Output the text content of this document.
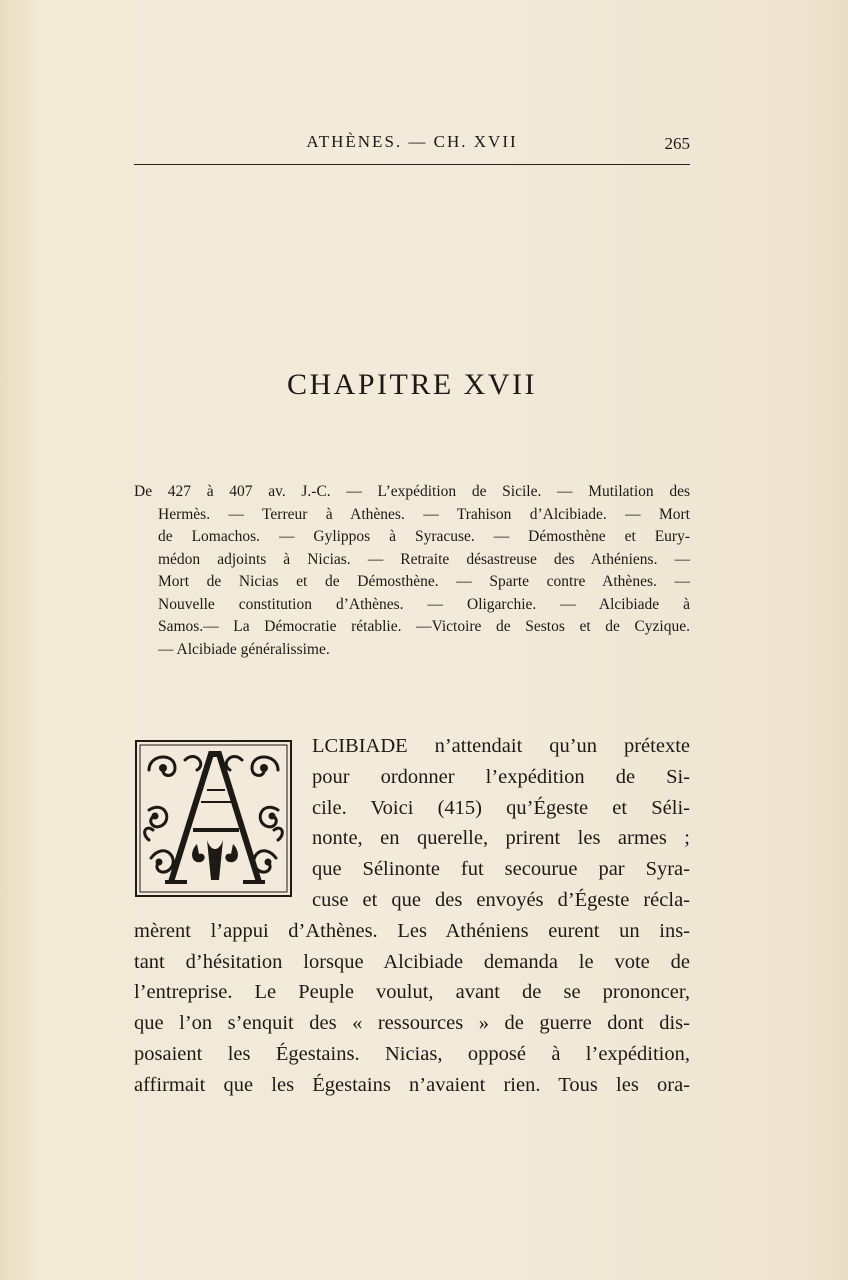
ATHÈNES. — CH. XVII	265
CHAPITRE XVII
De 427 à 407 av. J.-C. — L’expédition de Sicile. — Mutilation des
Hermès. — Terreur à Athènes. — Trahison d’Alcibiade. — Mort
de Lomachos. — Gylippos à Syracuse. — Démosthène et Eury-
médon adjoints à Nicias. — Retraite désastreuse des Athéniens. —
Mort de Nicias et de Démosthène. — Sparte contre Athènes. —
Nouvelle constitution d’Athènes. — Oligarchie. — Alcibiade à
Samos.— La Démocratie rétablie. —Victoire de Sestos et de Cyzique.
— Alcibiade généralissime.
LCIBIADE n’attendait qu’un prétexte
pour ordonner l’expédition de Si-
cile. Voici (415) qu’Égeste et Séli-
nonte, en querelle, prirent les armes ;
que Sélinonte fut secourue par Syra-
cuse et que des envoyés d’Égeste récla-
mèrent l’appui d’Athènes. Les Athéniens eurent un ins-
tant d’hésitation lorsque Alcibiade demanda le vote de
l’entreprise. Le Peuple voulut, avant de se prononcer,
que l’on s’enquit des « ressources » de guerre dont dis-
posaient les Égestains. Nicias, opposé à l’expédition,
affirmait que les Égestains n’avaient rien. Tous les ora-
